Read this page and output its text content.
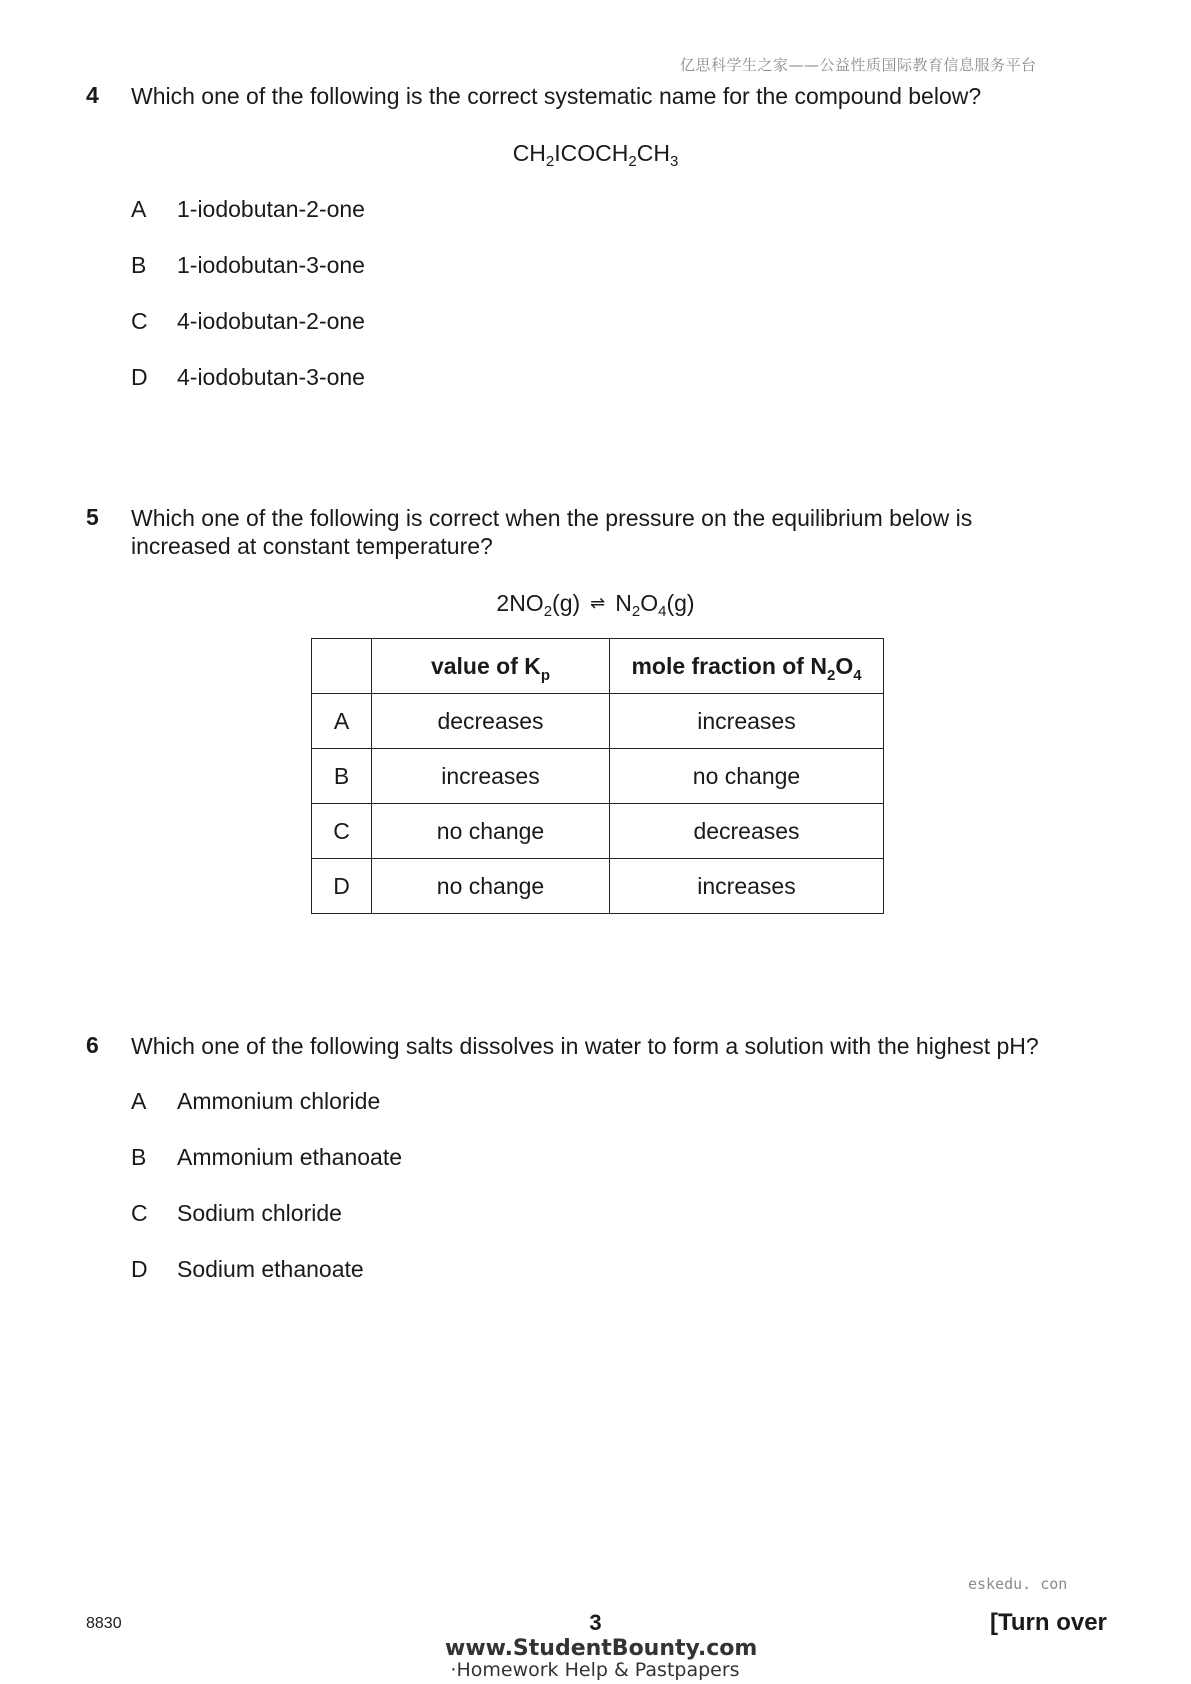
亿思科学生之家——公益性质国际教育信息服务平台
4 Which one of the following is the correct systematic name for the compound below?
$CH_2ICOCH_2CH_3$
A 1-iodobutan-2-one
B 1-iodobutan-3-one
C 4-iodobutan-2-one
D 4-iodobutan-3-one
5 Which one of the following is correct when the pressure on the equilibrium below is
increased at constant temperature?
$2NO_2(g)$ ⇌ $N_2O_4(g)$
	value of $K_p$	mole fraction of $N_2O_4$
A	decreases	increases
B	increases	no change
C	no change	decreases
D	no change	increases
6 Which one of the following salts dissolves in water to form a solution with the highest pH?
A Ammonium chloride
B Ammonium ethanoate
C Sodium chloride
D Sodium ethanoate
eskedu. con
8830	3	[Turn over
www.StudentBounty.com
·Homework Help & Pastpapers
